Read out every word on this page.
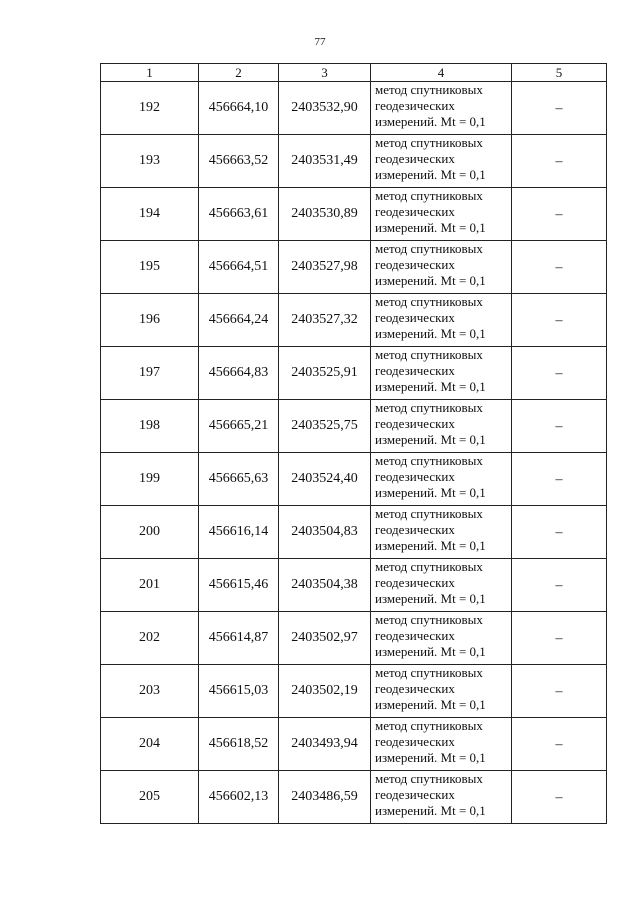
77
1	2	3	4	5
192	456664,10	2403532,90	метод спутниковых
геодезических
измерений. Mt = 0,1	–
193	456663,52	2403531,49	метод спутниковых
геодезических
измерений. Mt = 0,1	–
194	456663,61	2403530,89	метод спутниковых
геодезических
измерений. Mt = 0,1	–
195	456664,51	2403527,98	метод спутниковых
геодезических
измерений. Mt = 0,1	–
196	456664,24	2403527,32	метод спутниковых
геодезических
измерений. Mt = 0,1	–
197	456664,83	2403525,91	метод спутниковых
геодезических
измерений. Mt = 0,1	–
198	456665,21	2403525,75	метод спутниковых
геодезических
измерений. Mt = 0,1	–
199	456665,63	2403524,40	метод спутниковых
геодезических
измерений. Mt = 0,1	–
200	456616,14	2403504,83	метод спутниковых
геодезических
измерений. Mt = 0,1	–
201	456615,46	2403504,38	метод спутниковых
геодезических
измерений. Mt = 0,1	–
202	456614,87	2403502,97	метод спутниковых
геодезических
измерений. Mt = 0,1	–
203	456615,03	2403502,19	метод спутниковых
геодезических
измерений. Mt = 0,1	–
204	456618,52	2403493,94	метод спутниковых
геодезических
измерений. Mt = 0,1	–
205	456602,13	2403486,59	метод спутниковых
геодезических
измерений. Mt = 0,1	–
